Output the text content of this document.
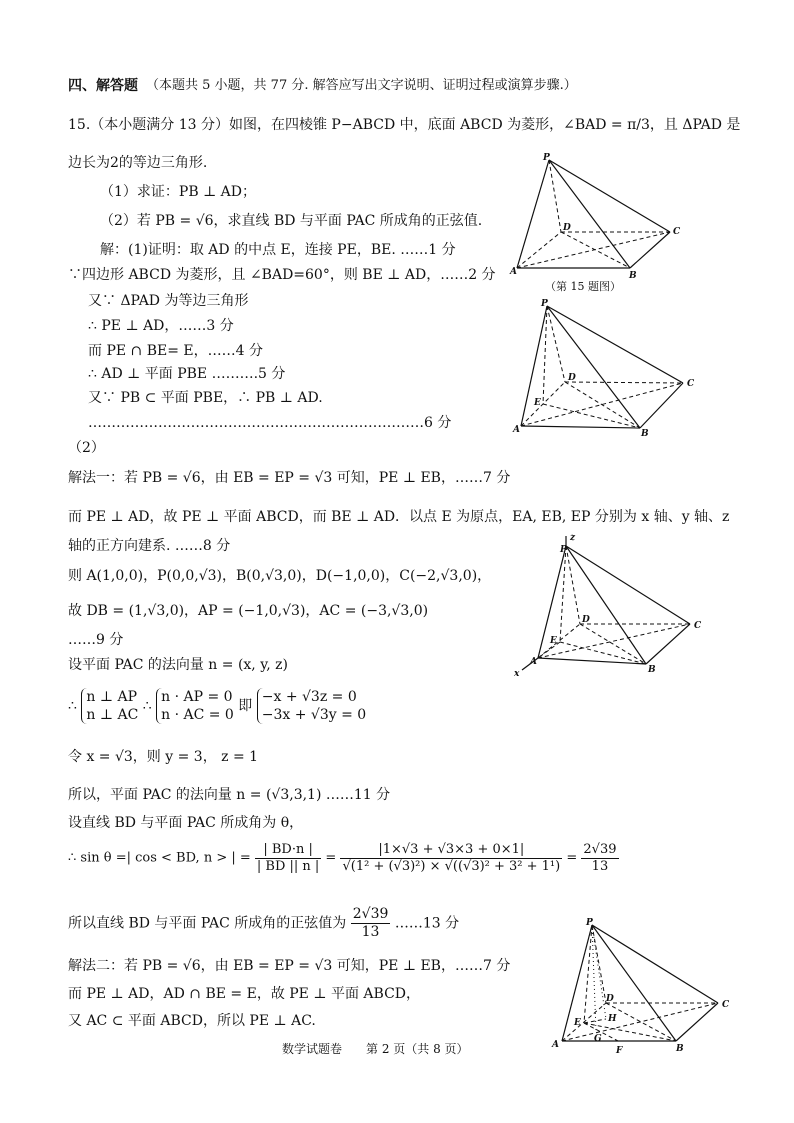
四、解答题 （本题共 5 小题，共 77 分. 解答应写出文字说明、证明过程或演算步骤.）
15.（本小题满分 13 分）如图，在四棱锥 P−ABCD 中，底面 ABCD 为菱形，∠BAD = π/3，且 ΔPAD 是
边长为2的等边三角形.
（1）求证：PB ⊥ AD；
（2）若 PB = √6，求直线 BD 与平面 PAC 所成角的正弦值.
解：(1)证明：取 AD 的中点 E，连接 PE，BE. ……1 分
∵四边形 ABCD 为菱形，且 ∠BAD=60°，则 BE ⊥ AD，……2 分
又∵ ΔPAD 为等边三角形
∴ PE ⊥ AD，……3 分
而 PE ∩ BE= E，……4 分
∴ AD ⊥ 平面 PBE ……….5 分
又∵ PB ⊂ 平面 PBE，∴ PB ⊥ AD.
………………………………………………………………6 分
（2）
解法一：若 PB = √6，由 EB = EP = √3 可知，PE ⊥ EB，……7 分
而 PE ⊥ AD，故 PE ⊥ 平面 ABCD，而 BE ⊥ AD．以点 E 为原点，EA, EB, EP 分别为 x 轴、y 轴、z
轴的正方向建系. ……8 分
则 A(1,0,0)，P(0,0,√3)，B(0,√3,0)，D(−1,0,0)，C(−2,√3,0)，
故 DB = (1,√3,0)，AP = (−1,0,√3)，AC = (−3,√3,0)
……9 分
设平面 PAC 的法向量 n = (x, y, z)
∴
n ⊥ AP
n ⊥ AC
∴
n · AP = 0
n · AC = 0
即
−x + √3z = 0
−3x + √3y = 0
令 x = √3，则 y = 3， z = 1
所以，平面 PAC 的法向量 n = (√3,3,1) ……11 分
设直线 BD 与平面 PAC 所成角为 θ，
∴ sin θ =| cos < BD, n > | = $\frac{| BD\cdot n |}{| BD || n |} = \frac{|1\times√3 + √3\times 3 + 0\times 1|}{\text{√(1² + (√3)²) × √((√3)² + 3² + 1¹)}} = \frac{2√39}{13}$
所以直线 BD 与平面 PAC 所成角的正弦值为 $\frac{2√39}{13}$ ……13 分
解法二：若 PB = √6，由 EB = EP = √3 可知，PE ⊥ EB，……7 分
而 PE ⊥ AD，AD ∩ BE = E，故 PE ⊥ 平面 ABCD，
又 AC ⊂ 平面 ABCD，所以 PE ⊥ AC.
数学试题卷　　第 2 页（共 8 页）
P
A	B
C
D
（第 15 题图）
P
A	B
C
D
E
P
z
A
x	B
C
D
E
P
A	B
C
D
E
F
G
H
